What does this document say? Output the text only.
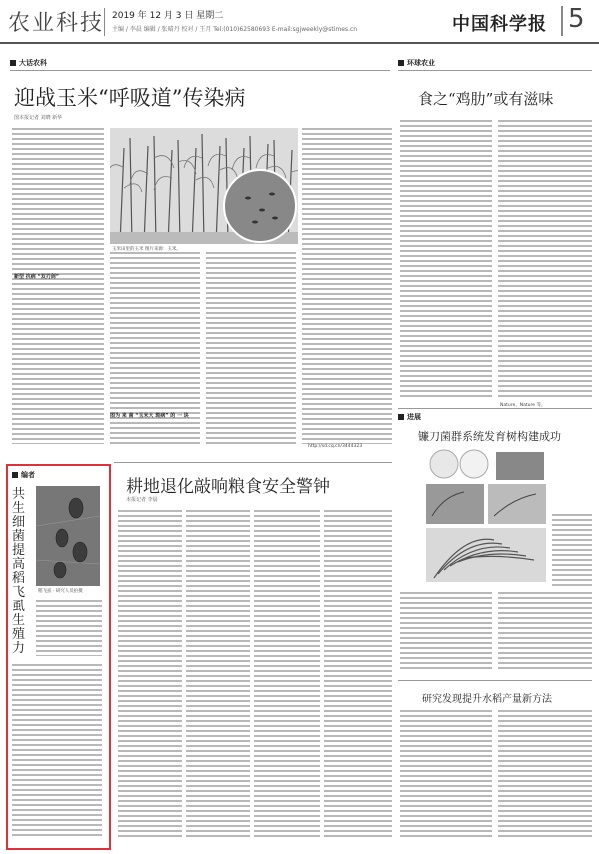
农业科技 2019 年 12 月 3 日 星期二
主编 / 李晨 编辑 / 张晴丹 校对 / 王月 Tel:(010)62580693 E-mail:sgjweekly@stimes.cn	中国科学报 5
大话农科
迎战玉米“呼吸道”传染病
图本报记者 刘晓 新华
新型 抗病 “双刃剑”
图为 来 南 “玉米大 斑病” 的 一 块
http://sd.cq.cn/3444323
玉米田里的玉米 图片来源：玉米。
环球农业
食之“鸡肋”或有滋味
Nature、Nature 等。
进展
镰刀菌群系统发育树构建成功
研究发现提升水稻产量新方法
耕地退化敲响粮食安全警钟
本报记者 李晨
编者
共生细菌提高稻飞虱生殖力
稻飞虱 · 研究人员拍摄
